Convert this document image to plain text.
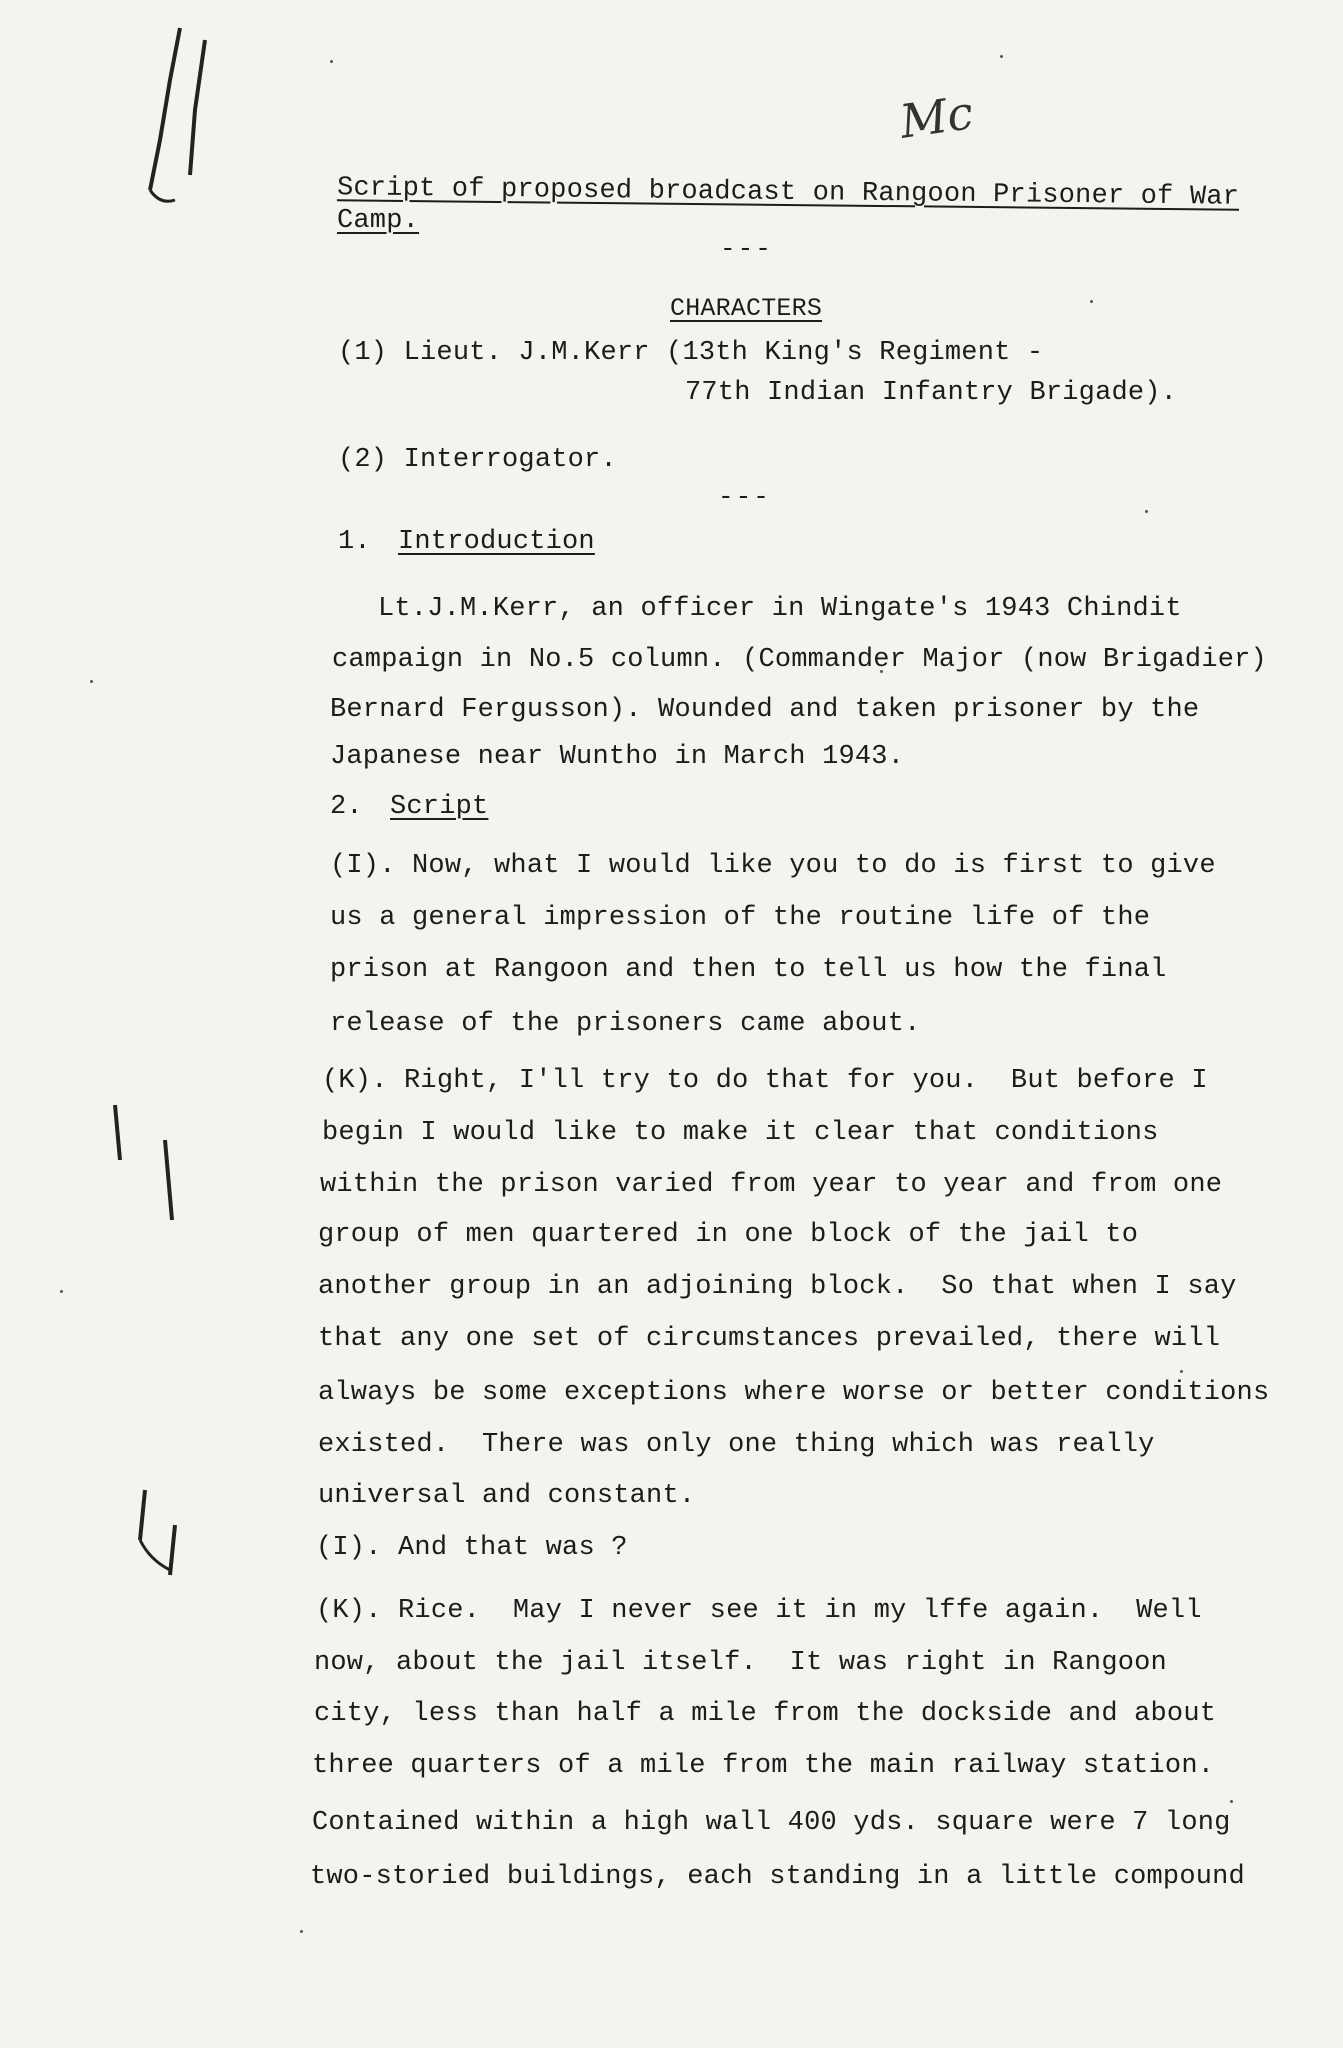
Mc

Script of proposed broadcast on Rangoon Prisoner of War

Camp.

---

CHARACTERS

(1) Lieut. J.M.Kerr (13th King's Regiment -

77th Indian Infantry Brigade).

(2) Interrogator.

---

1. Introduction

Lt.J.M.Kerr, an officer in Wingate's 1943 Chindit

campaign in No.5 column. (Commander Major (now Brigadier)

Bernard Fergusson). Wounded and taken prisoner by the

Japanese near Wuntho in March 1943.

2. Script

(I). Now, what I would like you to do is first to give

us a general impression of the routine life of the

prison at Rangoon and then to tell us how the final

release of the prisoners came about.

(K). Right, I'll try to do that for you.  But before I

begin I would like to make it clear that conditions

within the prison varied from year to year and from one

group of men quartered in one block of the jail to

another group in an adjoining block.  So that when I say

that any one set of circumstances prevailed, there will

always be some exceptions where worse or better conditions

existed.  There was only one thing which was really

universal and constant.

(I). And that was ?

(K). Rice.  May I never see it in my lffe again.  Well

now, about the jail itself.  It was right in Rangoon

city, less than half a mile from the dockside and about

three quarters of a mile from the main railway station.

Contained within a high wall 400 yds. square were 7 long

two-storied buildings, each standing in a little compound
